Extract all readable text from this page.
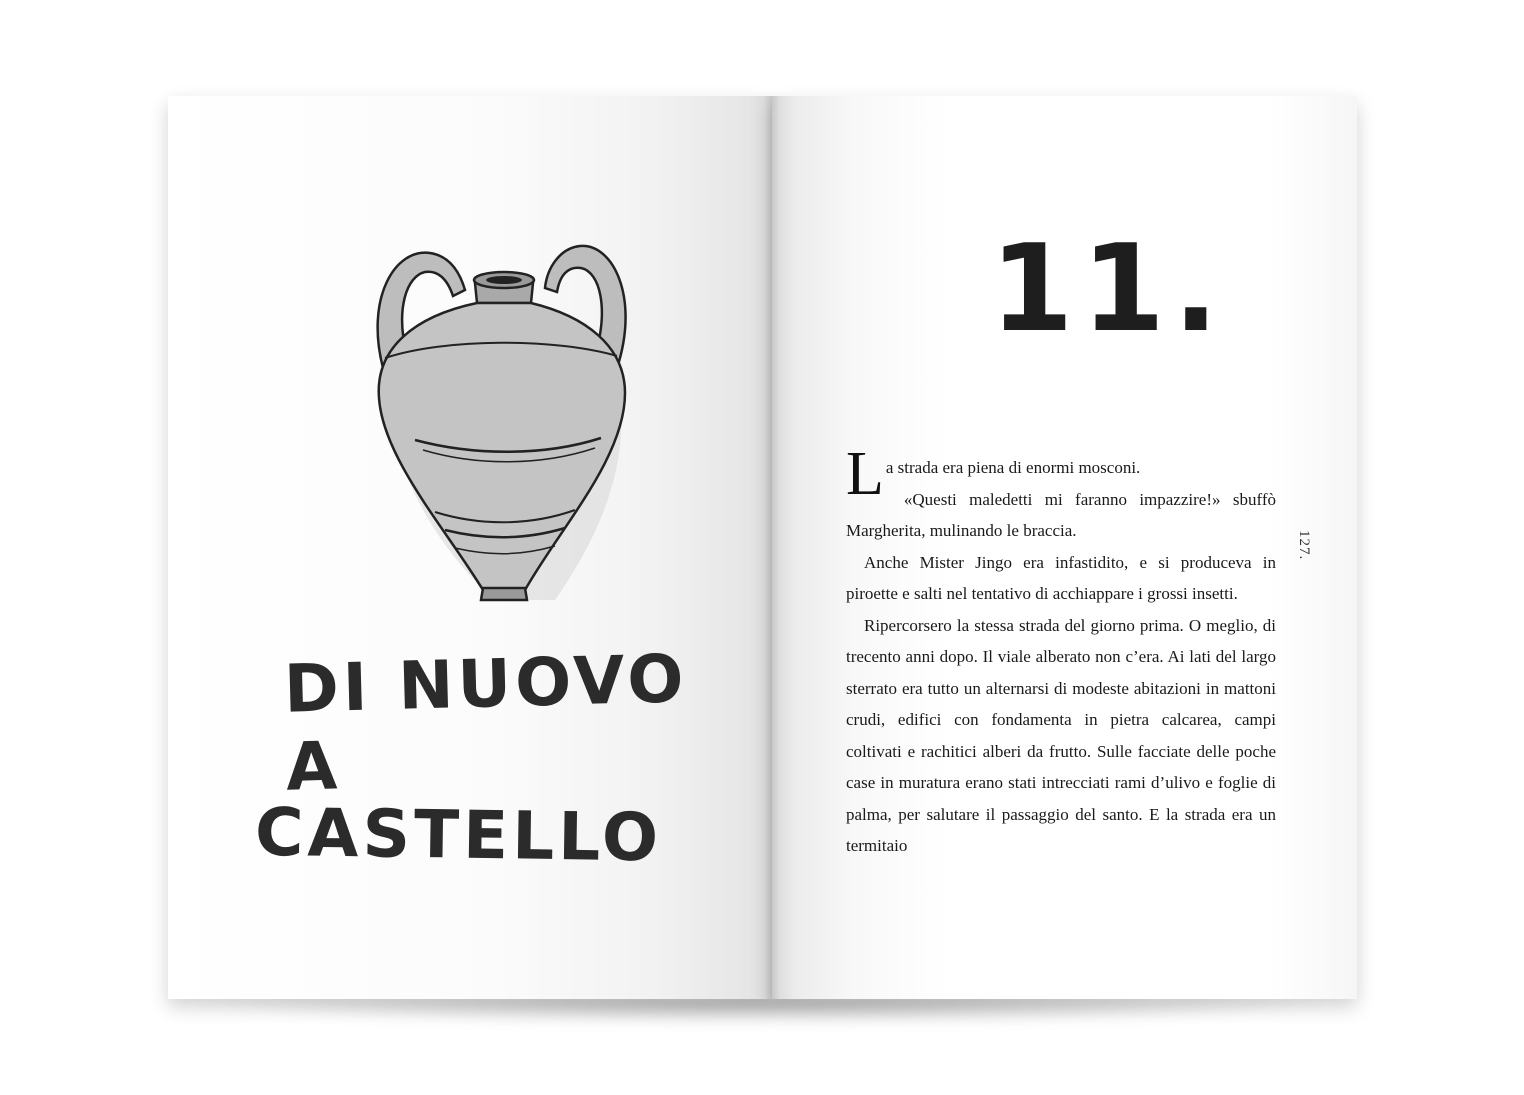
DI NUOVO A
CASTELLO
11.

La strada era piena di enormi mosconi.

«Questi maledetti mi faranno impazzire!» sbuffò Margherita, mulinando le braccia.

Anche Mister Jingo era infastidito, e si produceva in piroette e salti nel tentativo di acchiappare i grossi insetti.

Ripercorsero la stessa strada del giorno prima. O meglio, di trecento anni dopo. Il viale alberato non c’era. Ai lati del largo sterrato era tutto un alternarsi di modeste abitazioni in mattoni crudi, edifici con fondamenta in pietra calcarea, campi coltivati e rachitici alberi da frutto. Sulle facciate delle poche case in muratura erano stati intrecciati rami d’ulivo e foglie di palma, per salutare il passaggio del santo. E la strada era un termitaio

127.
